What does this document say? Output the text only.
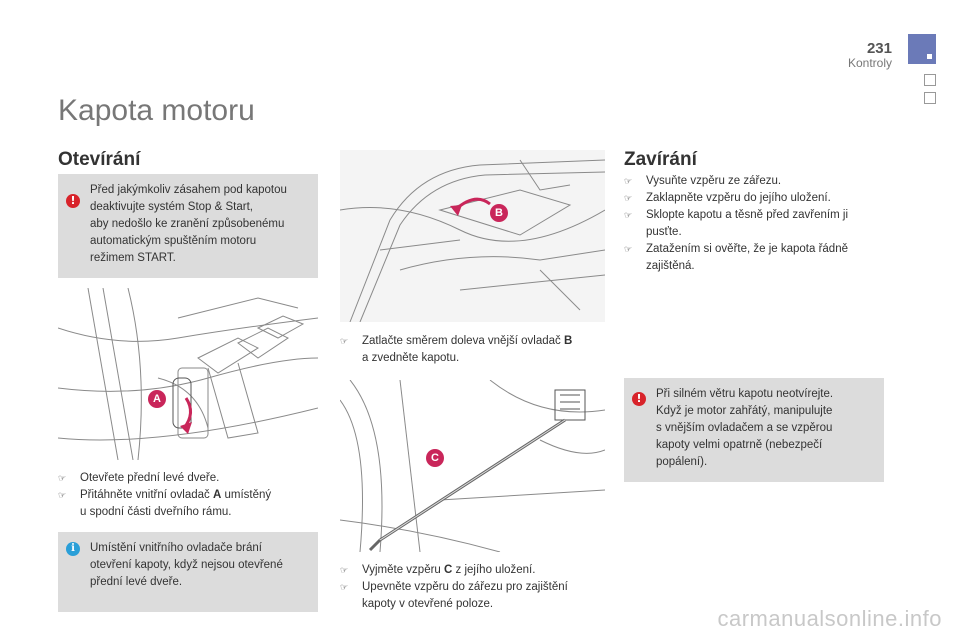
231
Kontroly
Kapota motoru
Otevírání
!
Před jakýmkoliv zásahem pod kapotou
deaktivujte systém Stop & Start,
aby nedošlo ke zranění způsobenému
automatickým spuštěním motoru
režimem START.
A
☞ Otevřete přední levé dveře.
☞ Přitáhněte vnitřní ovladač A umístěný
u spodní části dveřního rámu.
i	Umístění vnitřního ovladače brání
otevření kapoty, když nejsou otevřené
přední levé dveře.
B
☞ Zatlačte směrem doleva vnější ovladač B
a zvedněte kapotu.
C
☞ Vyjměte vzpěru C z jejího uložení.
☞ Upevněte vzpěru do zářezu pro zajištění
kapoty v otevřené poloze.
Zavírání
☞ Vysuňte vzpěru ze zářezu.
☞ Zaklapněte vzpěru do jejího uložení.
☞ Sklopte kapotu a těsně před zavřením ji
pusťte.
☞ Zatažením si ověřte, že je kapota řádně
zajištěná.
!	Při silném větru kapotu neotvírejte.
Když je motor zahřátý, manipulujte
s vnějším ovladačem a se vzpěrou
kapoty velmi opatrně (nebezpečí
popálení).
carmanualsonline.info
